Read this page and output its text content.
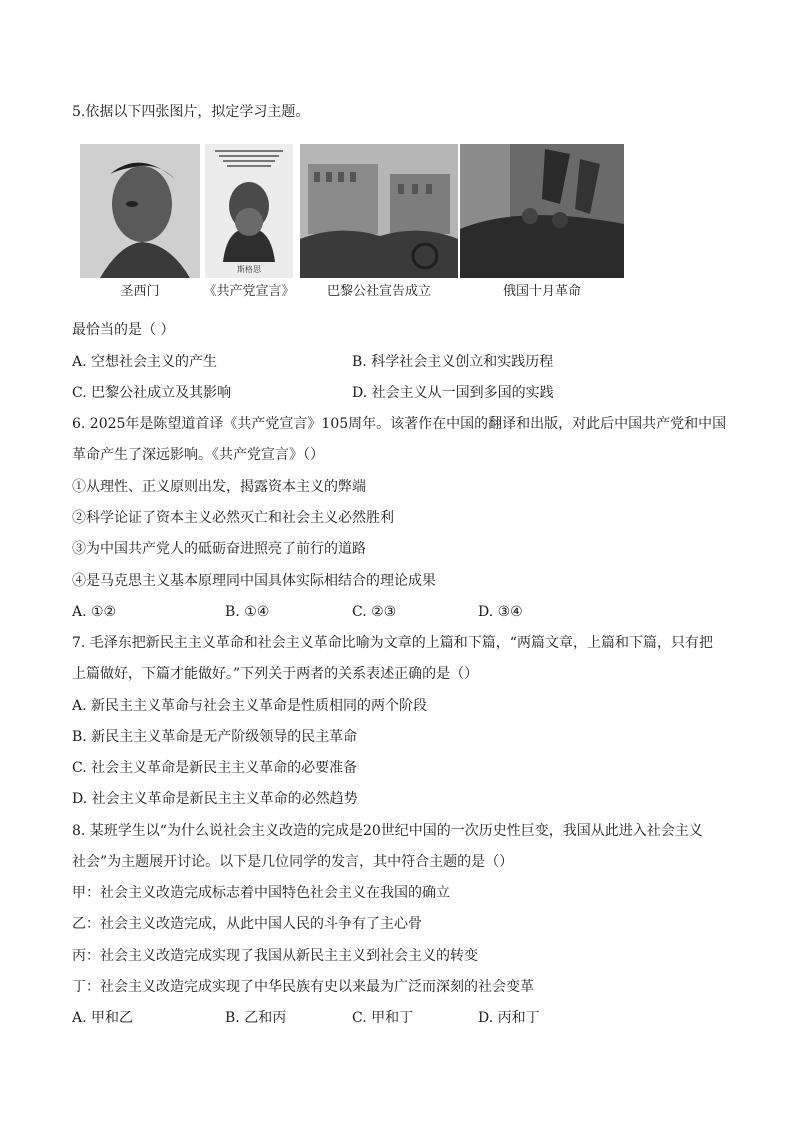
5.依据以下四张图片，拟定学习主题。
圣西门
斯格思
《共产党宣言》	巴黎公社宣告成立	俄国十月革命
最恰当的是（ ）
A. 空想社会主义的产生	B. 科学社会主义创立和实践历程
C. 巴黎公社成立及其影响	D. 社会主义从一国到多国的实践
6. 2025年是陈望道首译《共产党宣言》105周年。该著作在中国的翻译和出版，对此后中国共产党和中国
革命产生了深远影响。《共产党宣言》（）
①从理性、正义原则出发，揭露资本主义的弊端
②科学论证了资本主义必然灭亡和社会主义必然胜利
③为中国共产党人的砥砺奋进照亮了前行的道路
④是马克思主义基本原理同中国具体实际相结合的理论成果
A. ①②	B. ①④	C. ②③	D. ③④
7. 毛泽东把新民主主义革命和社会主义革命比喻为文章的上篇和下篇，“两篇文章，上篇和下篇，只有把
上篇做好，下篇才能做好。”下列关于两者的关系表述正确的是（）
A. 新民主主义革命与社会主义革命是性质相同的两个阶段
B. 新民主主义革命是无产阶级领导的民主革命
C. 社会主义革命是新民主主义革命的必要准备
D. 社会主义革命是新民主主义革命的必然趋势
8. 某班学生以“为什么说社会主义改造的完成是20世纪中国的一次历史性巨变，我国从此进入社会主义
社会”为主题展开讨论。以下是几位同学的发言，其中符合主题的是（）
甲：社会主义改造完成标志着中国特色社会主义在我国的确立
乙：社会主义改造完成，从此中国人民的斗争有了主心骨
丙：社会主义改造完成实现了我国从新民主主义到社会主义的转变
丁：社会主义改造完成实现了中华民族有史以来最为广泛而深刻的社会变革
A. 甲和乙	B. 乙和丙	C. 甲和丁	D. 丙和丁
